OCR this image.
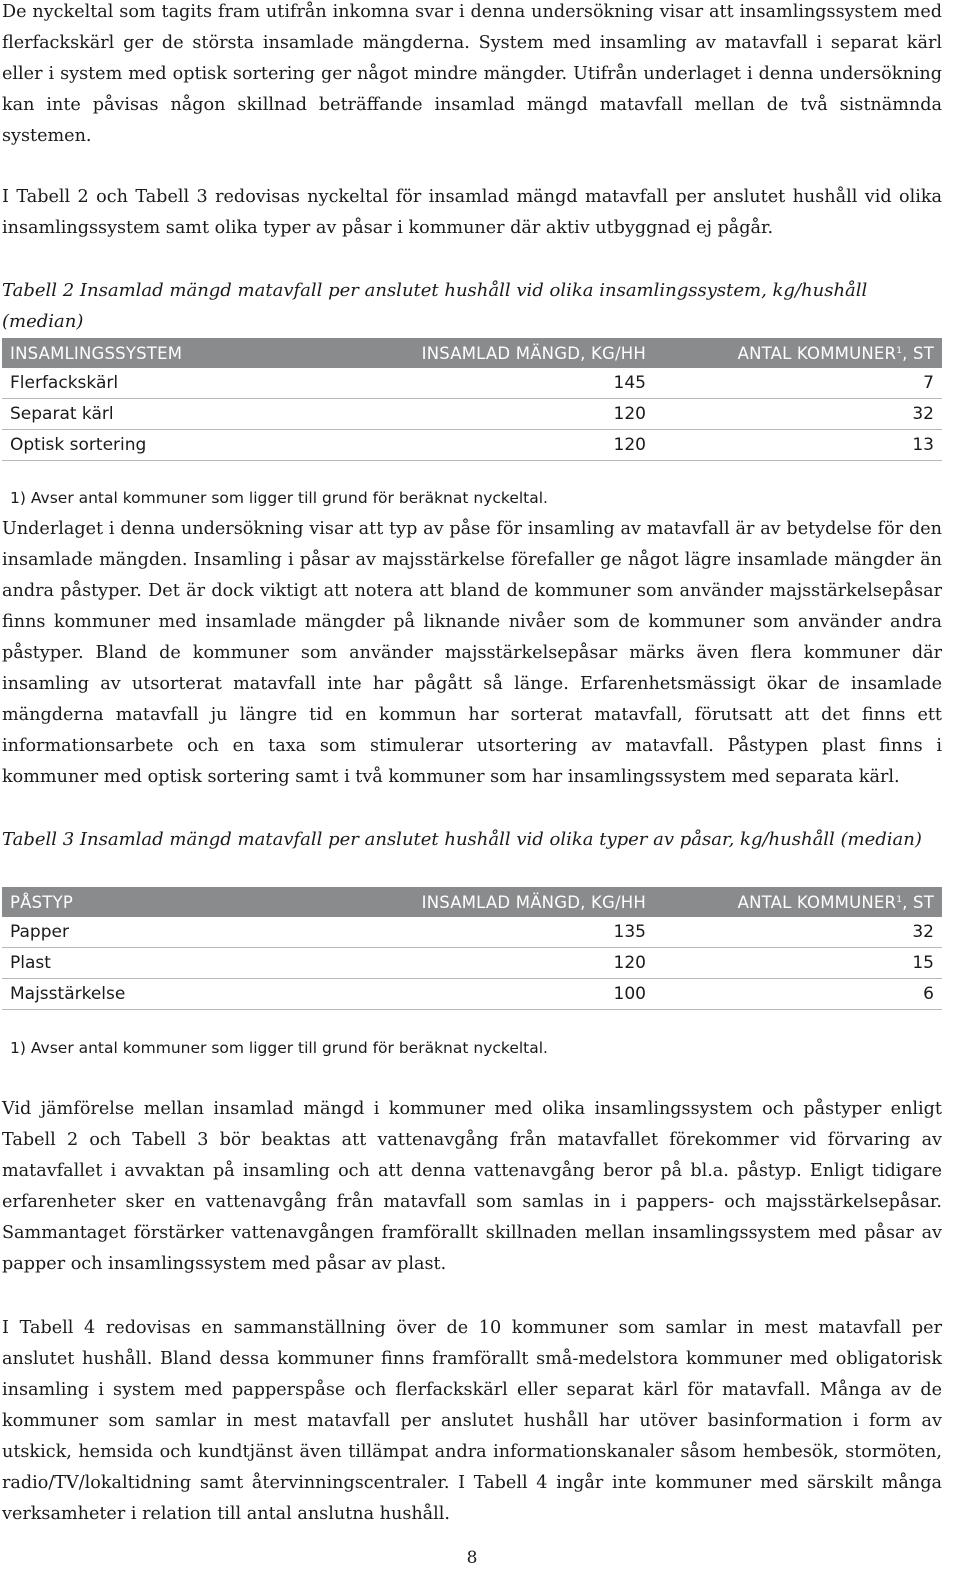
De nyckeltal som tagits fram utifrån inkomna svar i denna undersökning visar att insamlingssystem med flerfackskärl ger de största insamlade mängderna. System med insamling av matavfall i separat kärl eller i system med optisk sortering ger något mindre mängder. Utifrån underlaget i denna undersökning kan inte påvisas någon skillnad beträffande insamlad mängd matavfall mellan de två sistnämnda systemen.

I Tabell 2 och Tabell 3 redovisas nyckeltal för insamlad mängd matavfall per anslutet hushåll vid olika insamlingssystem samt olika typer av påsar i kommuner där aktiv utbyggnad ej pågår.

Tabell 2 Insamlad mängd matavfall per anslutet hushåll vid olika insamlingssystem, kg/hushåll (median)

INSAMLINGSSYSTEM	INSAMLAD MÄNGD, KG/HH	ANTAL KOMMUNER$^1$, ST
Flerfackskärl	145	7
Separat kärl	120	32
Optisk sortering	120	13

1) Avser antal kommuner som ligger till grund för beräknat nyckeltal.

Underlaget i denna undersökning visar att typ av påse för insamling av matavfall är av betydelse för den insamlade mängden. Insamling i påsar av majsstärkelse förefaller ge något lägre insamlade mängder än andra påstyper. Det är dock viktigt att notera att bland de kommuner som använder majsstärkelsepåsar finns kommuner med insamlade mängder på liknande nivåer som de kommuner som använder andra påstyper. Bland de kommuner som använder majsstärkelsepåsar märks även flera kommuner där insamling av utsorterat matavfall inte har pågått så länge. Erfarenhetsmässigt ökar de insamlade mängderna matavfall ju längre tid en kommun har sorterat matavfall, förutsatt att det finns ett informationsarbete och en taxa som stimulerar utsortering av matavfall. Påstypen plast finns i kommuner med optisk sortering samt i två kommuner som har insamlingssystem med separata kärl.

Tabell 3 Insamlad mängd matavfall per anslutet hushåll vid olika typer av påsar, kg/hushåll (median)

PÅSTYP	INSAMLAD MÄNGD, KG/HH	ANTAL KOMMUNER$^1$, ST
Papper	135	32
Plast	120	15
Majsstärkelse	100	6

1) Avser antal kommuner som ligger till grund för beräknat nyckeltal.

Vid jämförelse mellan insamlad mängd i kommuner med olika insamlingssystem och påstyper enligt Tabell 2 och Tabell 3 bör beaktas att vattenavgång från matavfallet förekommer vid förvaring av matavfallet i avvaktan på insamling och att denna vattenavgång beror på bl.a. påstyp. Enligt tidigare erfarenheter sker en vattenavgång från matavfall som samlas in i pappers- och majsstärkelsepåsar. Sammantaget förstärker vattenavgången framförallt skillnaden mellan insamlingssystem med påsar av papper och insamlingssystem med påsar av plast.

I Tabell 4 redovisas en sammanställning över de 10 kommuner som samlar in mest matavfall per anslutet hushåll. Bland dessa kommuner finns framförallt små-medelstora kommuner med obligatorisk insamling i system med papperspåse och flerfackskärl eller separat kärl för matavfall. Många av de kommuner som samlar in mest matavfall per anslutet hushåll har utöver basinformation i form av utskick, hemsida och kundtjänst även tillämpat andra informationskanaler såsom hembesök, stormöten, radio/TV/lokaltidning samt återvinningscentraler. I Tabell 4 ingår inte kommuner med särskilt många verksamheter i relation till antal anslutna hushåll.

8
